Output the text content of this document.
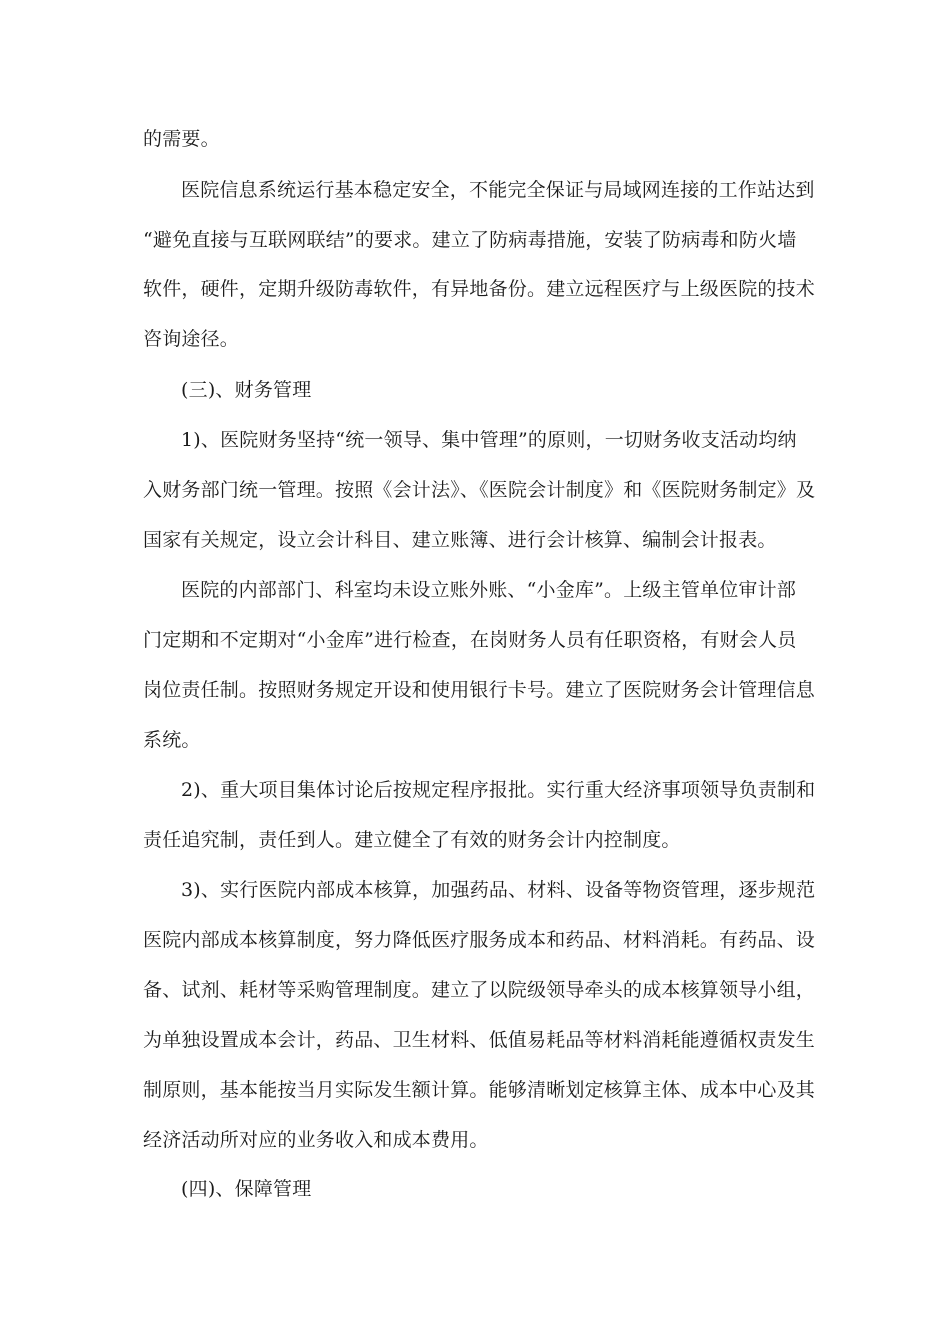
的需要。
医院信息系统运行基本稳定安全，不能完全保证与局域网连接的工作站达到
“避免直接与互联网联结”的要求。建立了防病毒措施，安装了防病毒和防火墙
软件，硬件，定期升级防毒软件，有异地备份。建立远程医疗与上级医院的技术
咨询途径。
(三)、财务管理
1)、医院财务坚持“统一领导、集中管理”的原则，一切财务收支活动均纳
入财务部门统一管理。按照《会计法》、《医院会计制度》和《医院财务制定》及
国家有关规定，设立会计科目、建立账簿、进行会计核算、编制会计报表。
医院的内部部门、科室均未设立账外账、“小金库”。上级主管单位审计部
门定期和不定期对“小金库”进行检查，在岗财务人员有任职资格，有财会人员
岗位责任制。按照财务规定开设和使用银行卡号。建立了医院财务会计管理信息
系统。
2)、重大项目集体讨论后按规定程序报批。实行重大经济事项领导负责制和
责任追究制，责任到人。建立健全了有效的财务会计内控制度。
3)、实行医院内部成本核算，加强药品、材料、设备等物资管理，逐步规范
医院内部成本核算制度，努力降低医疗服务成本和药品、材料消耗。有药品、设
备、试剂、耗材等采购管理制度。建立了以院级领导牵头的成本核算领导小组，
为单独设置成本会计，药品、卫生材料、低值易耗品等材料消耗能遵循权责发生
制原则，基本能按当月实际发生额计算。能够清晰划定核算主体、成本中心及其
经济活动所对应的业务收入和成本费用。
(四)、保障管理
